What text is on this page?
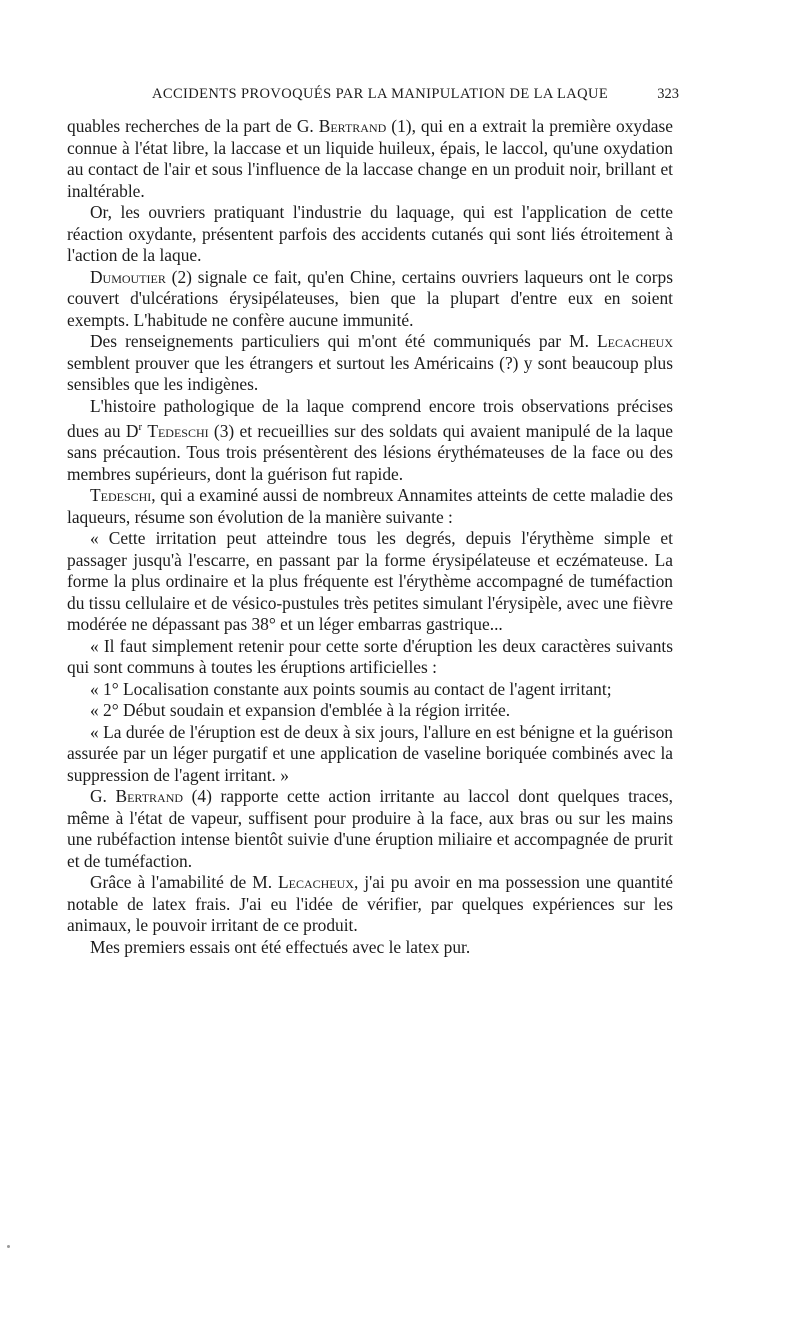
ACCIDENTS PROVOQUÉS PAR LA MANIPULATION DE LA LAQUE	323

quables recherches de la part de G. Bertrand (1), qui en a extrait la première oxydase connue à l'état libre, la laccase et un liquide huileux, épais, le laccol, qu'une oxydation au contact de l'air et sous l'influence de la laccase change en un produit noir, brillant et inaltérable.

Or, les ouvriers pratiquant l'industrie du laquage, qui est l'application de cette réaction oxydante, présentent parfois des accidents cutanés qui sont liés étroitement à l'action de la laque.

Dumoutier (2) signale ce fait, qu'en Chine, certains ouvriers laqueurs ont le corps couvert d'ulcérations érysipélateuses, bien que la plupart d'entre eux en soient exempts. L'habitude ne confère aucune immunité.

Des renseignements particuliers qui m'ont été communiqués par M. Lecacheux semblent prouver que les étrangers et surtout les Américains (?) y sont beaucoup plus sensibles que les indigènes.

L'histoire pathologique de la laque comprend encore trois observations précises dues au $D^r$ Tedeschi (3) et recueillies sur des soldats qui avaient manipulé de la laque sans précaution. Tous trois présentèrent des lésions érythémateuses de la face ou des membres supérieurs, dont la guérison fut rapide.

Tedeschi, qui a examiné aussi de nombreux Annamites atteints de cette maladie des laqueurs, résume son évolution de la manière suivante :

« Cette irritation peut atteindre tous les degrés, depuis l'érythème simple et passager jusqu'à l'escarre, en passant par la forme érysipélateuse et eczémateuse. La forme la plus ordinaire et la plus fréquente est l'érythème accompagné de tuméfaction du tissu cellulaire et de vésico-pustules très petites simulant l'érysipèle, avec une fièvre modérée ne dépassant pas 38° et un léger embarras gastrique...

« Il faut simplement retenir pour cette sorte d'éruption les deux caractères suivants qui sont communs à toutes les éruptions artificielles :

« 1° Localisation constante aux points soumis au contact de l'agent irritant;

« 2° Début soudain et expansion d'emblée à la région irritée.

« La durée de l'éruption est de deux à six jours, l'allure en est bénigne et la guérison assurée par un léger purgatif et une application de vaseline boriquée combinés avec la suppression de l'agent irritant. »

G. Bertrand (4) rapporte cette action irritante au laccol dont quelques traces, même à l'état de vapeur, suffisent pour produire à la face, aux bras ou sur les mains une rubéfaction intense bientôt suivie d'une éruption miliaire et accompagnée de prurit et de tuméfaction.

Grâce à l'amabilité de M. Lecacheux, j'ai pu avoir en ma possession une quantité notable de latex frais. J'ai eu l'idée de vérifier, par quelques expériences sur les animaux, le pouvoir irritant de ce produit.

Mes premiers essais ont été effectués avec le latex pur.
